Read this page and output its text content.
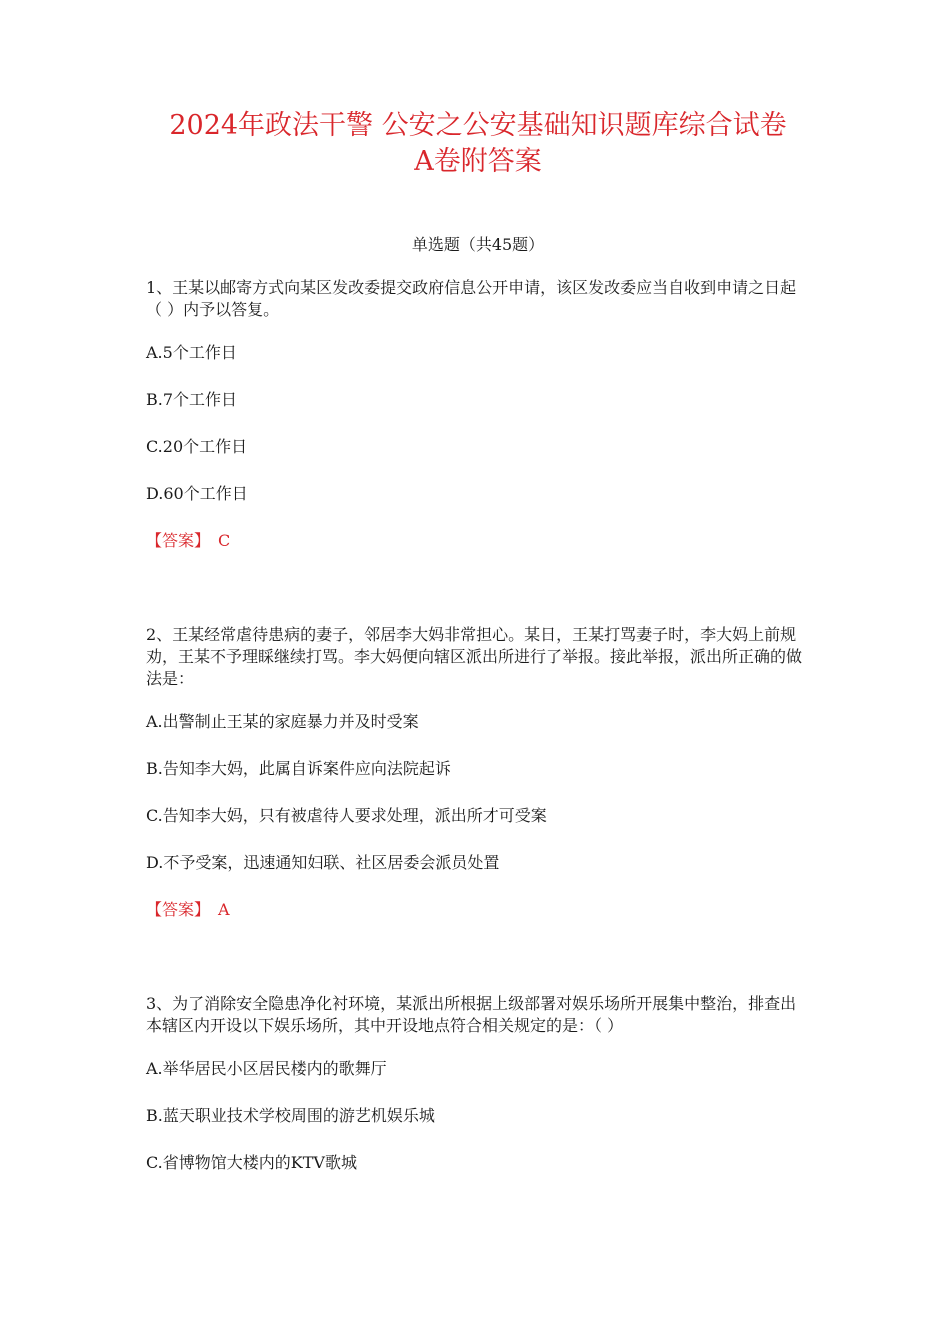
2024年政法干警 公安之公安基础知识题库综合试卷
A卷附答案

单选题（共45题）

1、王某以邮寄方式向某区发改委提交政府信息公开申请，该区发改委应当自收到申请之日起（ ）内予以答复。

A.5个工作日

B.7个工作日

C.20个工作日

D.60个工作日

【答案】 C

2、王某经常虐待患病的妻子，邻居李大妈非常担心。某日，王某打骂妻子时，李大妈上前规劝，王某不予理睬继续打骂。李大妈便向辖区派出所进行了举报。接此举报，派出所正确的做法是：

A.出警制止王某的家庭暴力并及时受案

B.告知李大妈，此属自诉案件应向法院起诉

C.告知李大妈，只有被虐待人要求处理，派出所才可受案

D.不予受案，迅速通知妇联、社区居委会派员处置

【答案】 A

3、为了消除安全隐患净化衬环境，某派出所根据上级部署对娱乐场所开展集中整治，排查出本辖区内开设以下娱乐场所，其中开设地点符合相关规定的是：（ ）

A.举华居民小区居民楼内的歌舞厅

B.蓝天职业技术学校周围的游艺机娱乐城

C.省博物馆大楼内的KTV歌城
